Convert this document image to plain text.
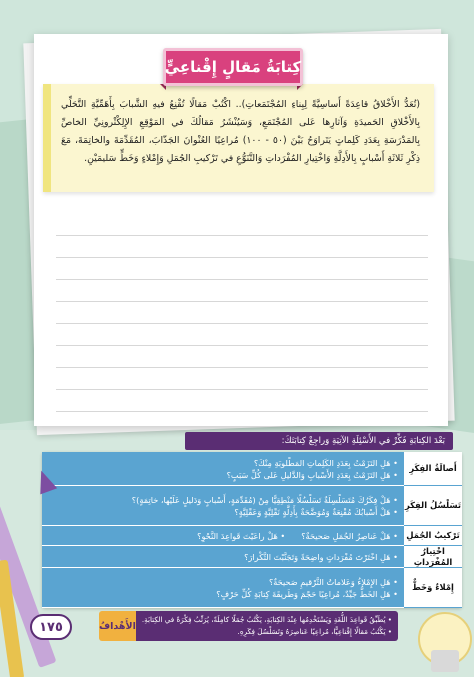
(تُعَدُّ الأَخْلاقُ قاعِدَةً أَساسِيَّةً لِبِناءِ المُجْتَمَعاتِ).. اكْتُبْ مَقالًا تُقْنِعُ فيهِ الشَّبابَ بِأَهَمِّيَّةِ التَّحَلِّي بِالأَخْلاقِ الحَميدَةِ وَآثارِها عَلى المُجْتَمَعِ، وَسَيُنْشَرُ مَقالُكَ في المَوْقِعِ الإِلِكْتْرونِيِّ الخاصِّ بِالمَدْرَسَةِ بِعَدَدِ كَلِماتٍ يَتَراوَحُ بَيْنَ (٥٠ - ١٠٠) مُراعِيًا العُنْوانَ الجَذّابَ، المُقَدِّمَةَ والخاتِمَةَ، مَعَ ذِكْرِ ثَلاثَةِ أَسْبابٍ بِالأَدِلَّةِ وَاخْتِيارِ المُفْرَداتِ وَالتَّنَوُّعِ في تَرْكيبِ الجُمَلِ وَإِمْلاءٍ وَخَطٍّ سَليمَيْنِ.

كِتابَةُ مَقالٍ إِقْناعِيٍّ
بَعْدَ الكِتابَةِ فَكِّرْ في الأَسْئِلَةِ الآتِيَةِ وَراجِعْ كِتابَتَكَ:
أَصالَةُ الفِكَرِ
• هَلِ التَزَمْتُ بِعَدَدِ الكَلِماتِ المَطْلوبَةِ مِنْكَ؟
• هَلِ التَزَمْتُ بِعَدَدِ الأَسْبابِ وَالدَّليلِ عَلى كُلِّ سَبَبٍ؟
تَسَلْسُلُ الفِكَرِ
• هَلْ فِكَرُكَ مُتَسَلْسِلَةٌ تَسَلْسُلًا مَنْطِقِيًّا مِنْ (مُقَدِّمَةٍ، أَسْبابٍ وَدَليلٍ عَلَيْها، خاتِمَةٍ)؟
• هَلْ أَسْبابُكَ مُقْنِعَةٌ وَمُوَضَّحَةٌ بِأَدِلَّةٍ نَقْلِيَّةٍ وَعَقْلِيَّةٍ؟
تَرْكيبُ الجُمَلِ
• هَلْ عَناصِرُ الجُمَلِ صَحيحَةٌ؟
• هَلْ راعَيْتَ قَواعِدَ النَّحْوِ؟
اخْتِيارُ المُفْرَداتِ
• هَلِ اخْتَرْتَ مُفْرَداتٍ واضِحَةً وَتَجَنَّبْتَ التَّكْرارَ؟
إِمْلاءٌ وَخَطٌّ
• هَلِ الإِمْلاءُ وَعَلاماتُ التَّرْقيمِ صَحيحَةٌ؟
• هَلِ الخَطُّ جَيِّدٌ، مُراعِيًا حَجْمَ وَطَريقَةَ كِتابَةِ كُلِّ حَرْفٍ؟
• يُطَبِّقُ قَواعِدَ اللُّغَةِ وَيَسْتَخْدِمُها عِنْدَ الكِتابَةِ، يَكْتُبُ جُمَلًا كامِلَةً، يُرَتِّبُ فِكْرَةً في الكِتابَةِ.
• يَكْتُبُ مَقالًا إِقْناعِيًّا، مُراعِيًا عَناصِرَهُ وَتَسَلْسُلَ فِكَرِهِ.
الأَهْدافُ
١٧٥
